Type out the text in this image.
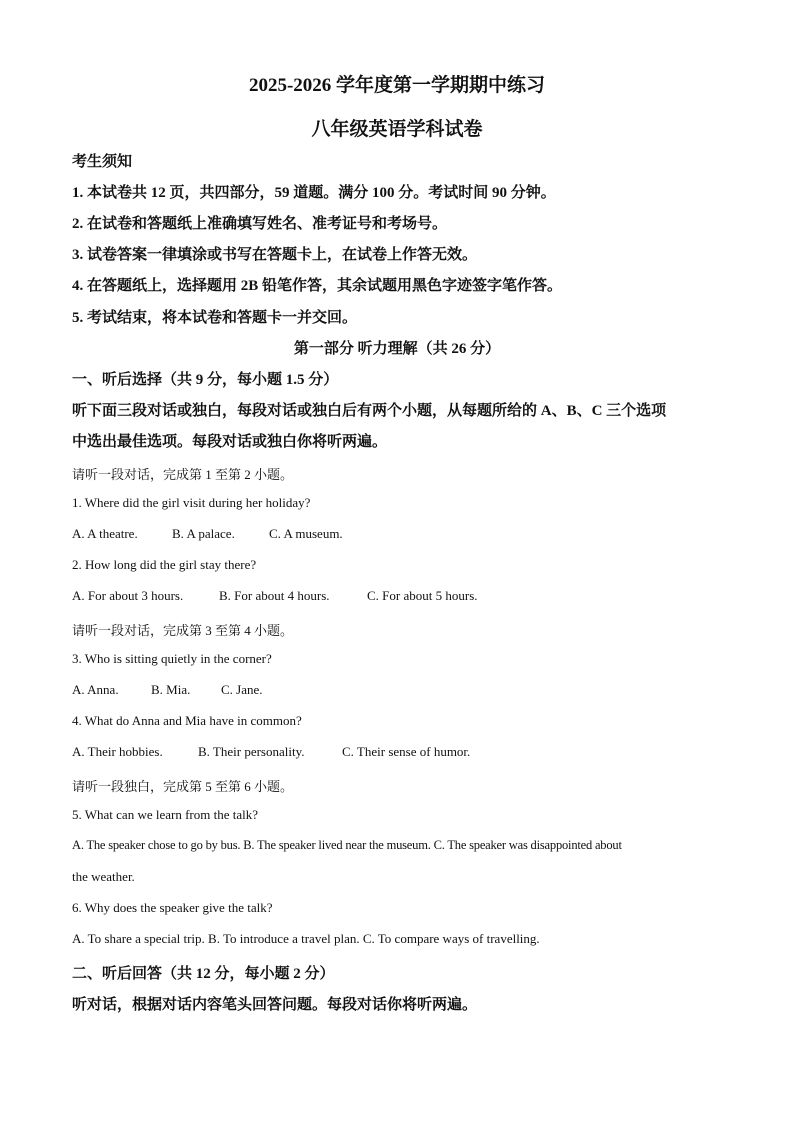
2025-2026 学年度第一学期期中练习
八年级英语学科试卷
考生须知
1. 本试卷共 12 页，共四部分，59 道题。满分 100 分。考试时间 90 分钟。
2. 在试卷和答题纸上准确填写姓名、准考证号和考场号。
3. 试卷答案一律填涂或书写在答题卡上，在试卷上作答无效。
4. 在答题纸上，选择题用 2B 铅笔作答，其余试题用黑色字迹签字笔作答。
5. 考试结束，将本试卷和答题卡一并交回。
第一部分 听力理解（共 26 分）
一、听后选择（共 9 分，每小题 1.5 分）
听下面三段对话或独白，每段对话或独白后有两个小题，从每题所给的 A、B、C 三个选项
中选出最佳选项。每段对话或独白你将听两遍。
请听一段对话，完成第 1 至第 2 小题。
1. Where did the girl visit during her holiday?
A. A theatre.	B. A palace.	C. A museum.
2. How long did the girl stay there?
A. For about 3 hours.	B. For about 4 hours.	C. For about 5 hours.
请听一段对话，完成第 3 至第 4 小题。
3. Who is sitting quietly in the corner?
A. Anna. B. Mia. C. Jane.
4. What do Anna and Mia have in common?
A. Their hobbies.	B. Their personality.	C. Their sense of humor.
请听一段独白，完成第 5 至第 6 小题。
5. What can we learn from the talk?
A. The speaker chose to go by bus. B. The speaker lived near the museum. C. The speaker was disappointed about
the weather.
6. Why does the speaker give the talk?
A. To share a special trip. B. To introduce a travel plan. C. To compare ways of travelling.
二、听后回答（共 12 分，每小题 2 分）
听对话，根据对话内容笔头回答问题。每段对话你将听两遍。
